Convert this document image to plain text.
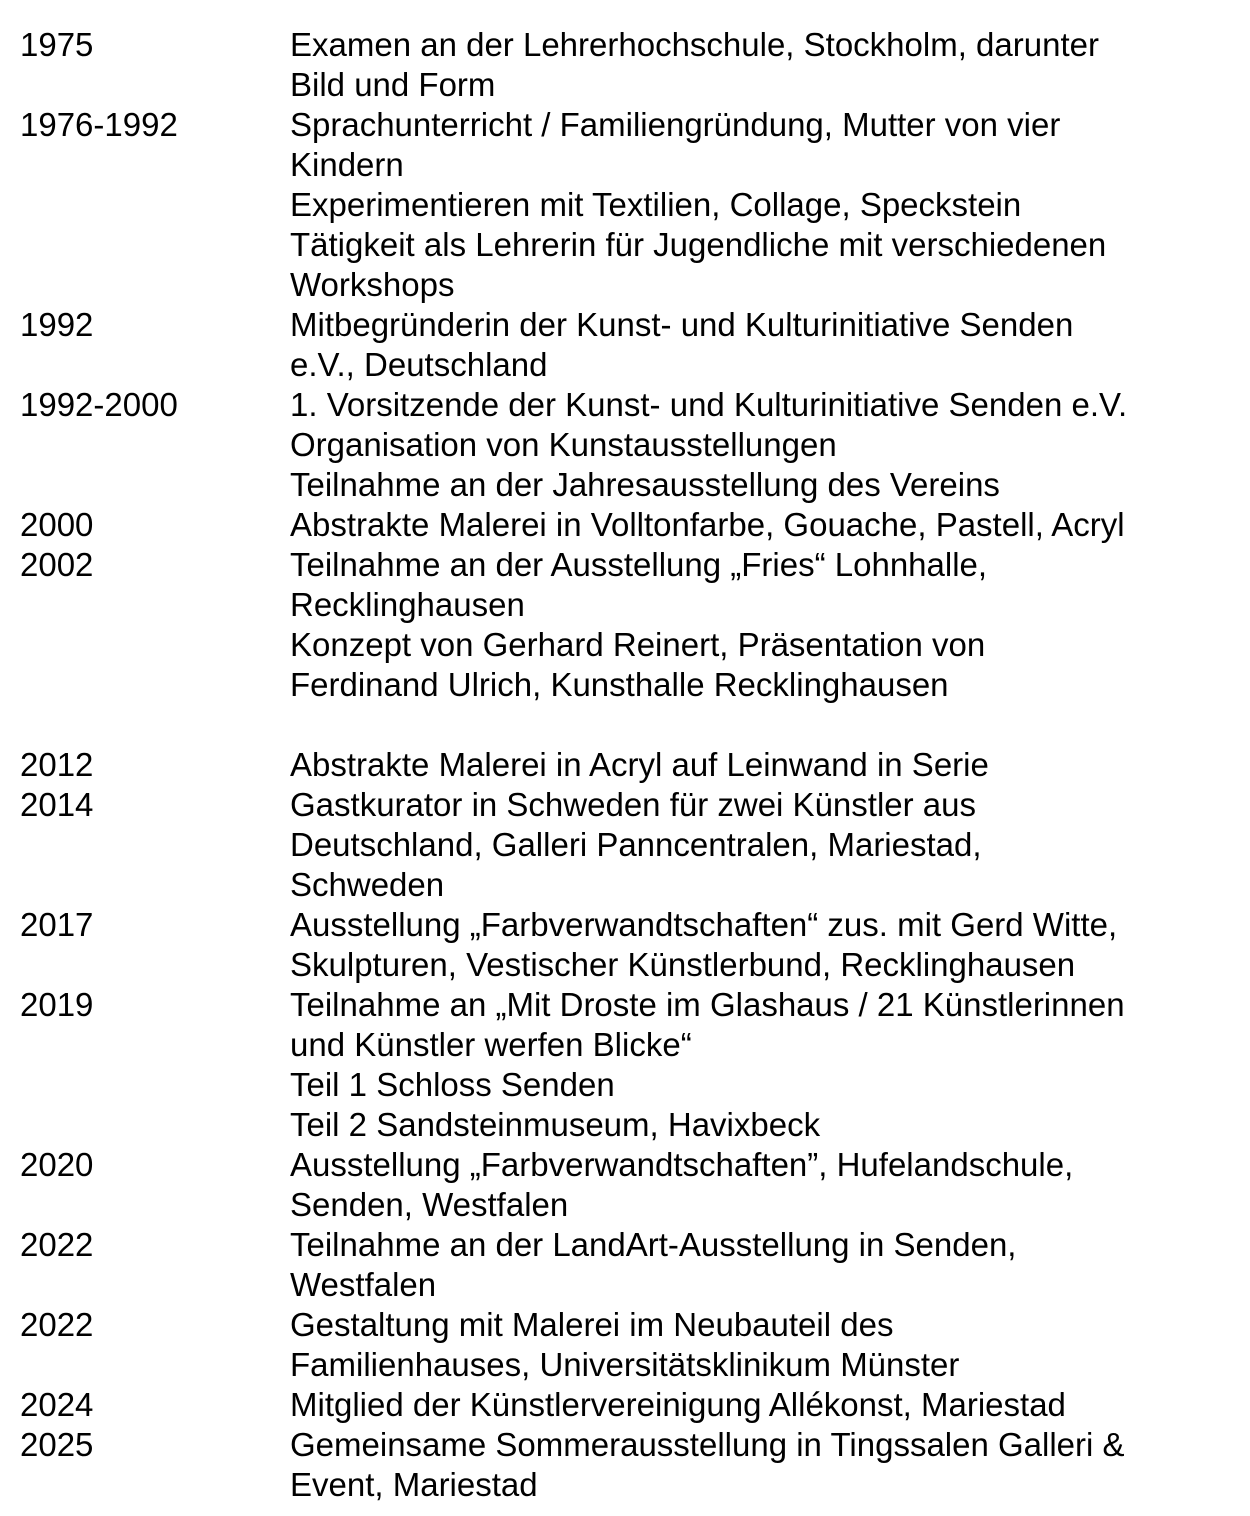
1975	Examen an der Lehrerhochschule, Stockholm, darunter
Bild und Form
1976-1992	Sprachunterricht / Familiengründung, Mutter von vier
Kindern
Experimentieren mit Textilien, Collage, Speckstein
Tätigkeit als Lehrerin für Jugendliche mit verschiedenen
Workshops
1992	Mitbegründerin der Kunst- und Kulturinitiative Senden
e.V., Deutschland
1992-2000	1. Vorsitzende der Kunst- und Kulturinitiative Senden e.V.
Organisation von Kunstausstellungen
Teilnahme an der Jahresausstellung des Vereins
2000	Abstrakte Malerei in Volltonfarbe, Gouache, Pastell, Acryl
2002	Teilnahme an der Ausstellung „Fries“ Lohnhalle,
Recklinghausen
Konzept von Gerhard Reinert, Präsentation von
Ferdinand Ulrich, Kunsthalle Recklinghausen
2012	Abstrakte Malerei in Acryl auf Leinwand in Serie
2014	Gastkurator in Schweden für zwei Künstler aus
Deutschland, Galleri Panncentralen, Mariestad,
Schweden
2017	Ausstellung „Farbverwandtschaften“ zus. mit Gerd Witte,
Skulpturen, Vestischer Künstlerbund, Recklinghausen
2019	Teilnahme an „Mit Droste im Glashaus / 21 Künstlerinnen
und Künstler werfen Blicke“
Teil 1 Schloss Senden
Teil 2 Sandsteinmuseum, Havixbeck
2020	Ausstellung „Farbverwandtschaften”, Hufelandschule,
Senden, Westfalen
2022	Teilnahme an der LandArt-Ausstellung in Senden,
Westfalen
2022	Gestaltung mit Malerei im Neubauteil des
Familienhauses, Universitätsklinikum Münster
2024	Mitglied der Künstlervereinigung Allékonst, Mariestad
2025	Gemeinsame Sommerausstellung in Tingssalen Galleri &
Event, Mariestad
